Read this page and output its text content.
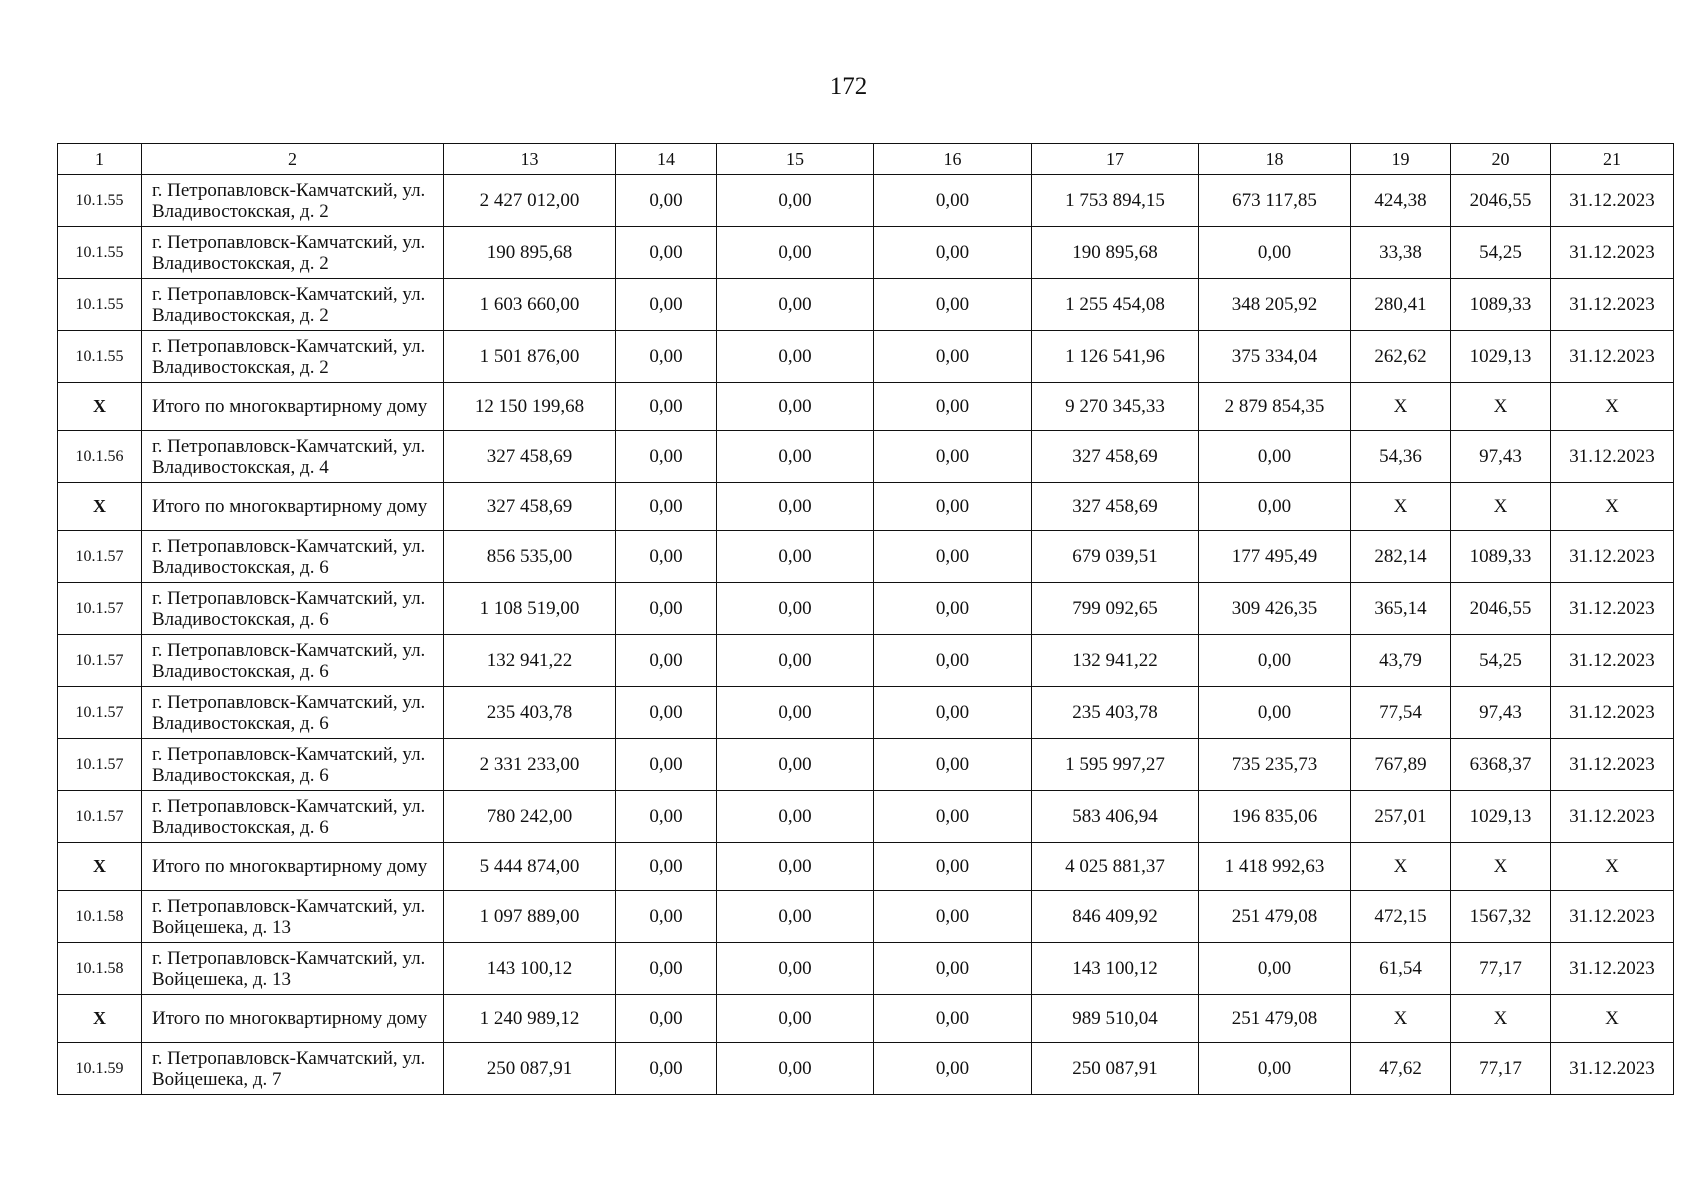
172
1	2	13	14	15	16	17	18	19	20	21
10.1.55	г. Петропавловск-Камчатский, ул. Владивостокская, д. 2	2 427 012,00	0,00	0,00	0,00	1 753 894,15	673 117,85	424,38	2046,55	31.12.2023
10.1.55	г. Петропавловск-Камчатский, ул. Владивостокская, д. 2	190 895,68	0,00	0,00	0,00	190 895,68	0,00	33,38	54,25	31.12.2023
10.1.55	г. Петропавловск-Камчатский, ул. Владивостокская, д. 2	1 603 660,00	0,00	0,00	0,00	1 255 454,08	348 205,92	280,41	1089,33	31.12.2023
10.1.55	г. Петропавловск-Камчатский, ул. Владивостокская, д. 2	1 501 876,00	0,00	0,00	0,00	1 126 541,96	375 334,04	262,62	1029,13	31.12.2023
Х	Итого по многоквартирному дому	12 150 199,68	0,00	0,00	0,00	9 270 345,33	2 879 854,35	Х	Х	Х
10.1.56	г. Петропавловск-Камчатский, ул. Владивостокская, д. 4	327 458,69	0,00	0,00	0,00	327 458,69	0,00	54,36	97,43	31.12.2023
Х	Итого по многоквартирному дому	327 458,69	0,00	0,00	0,00	327 458,69	0,00	Х	Х	Х
10.1.57	г. Петропавловск-Камчатский, ул. Владивостокская, д. 6	856 535,00	0,00	0,00	0,00	679 039,51	177 495,49	282,14	1089,33	31.12.2023
10.1.57	г. Петропавловск-Камчатский, ул. Владивостокская, д. 6	1 108 519,00	0,00	0,00	0,00	799 092,65	309 426,35	365,14	2046,55	31.12.2023
10.1.57	г. Петропавловск-Камчатский, ул. Владивостокская, д. 6	132 941,22	0,00	0,00	0,00	132 941,22	0,00	43,79	54,25	31.12.2023
10.1.57	г. Петропавловск-Камчатский, ул. Владивостокская, д. 6	235 403,78	0,00	0,00	0,00	235 403,78	0,00	77,54	97,43	31.12.2023
10.1.57	г. Петропавловск-Камчатский, ул. Владивостокская, д. 6	2 331 233,00	0,00	0,00	0,00	1 595 997,27	735 235,73	767,89	6368,37	31.12.2023
10.1.57	г. Петропавловск-Камчатский, ул. Владивостокская, д. 6	780 242,00	0,00	0,00	0,00	583 406,94	196 835,06	257,01	1029,13	31.12.2023
Х	Итого по многоквартирному дому	5 444 874,00	0,00	0,00	0,00	4 025 881,37	1 418 992,63	Х	Х	Х
10.1.58	г. Петропавловск-Камчатский, ул. Войцешека, д. 13	1 097 889,00	0,00	0,00	0,00	846 409,92	251 479,08	472,15	1567,32	31.12.2023
10.1.58	г. Петропавловск-Камчатский, ул. Войцешека, д. 13	143 100,12	0,00	0,00	0,00	143 100,12	0,00	61,54	77,17	31.12.2023
Х	Итого по многоквартирному дому	1 240 989,12	0,00	0,00	0,00	989 510,04	251 479,08	Х	Х	Х
10.1.59	г. Петропавловск-Камчатский, ул. Войцешека, д. 7	250 087,91	0,00	0,00	0,00	250 087,91	0,00	47,62	77,17	31.12.2023
